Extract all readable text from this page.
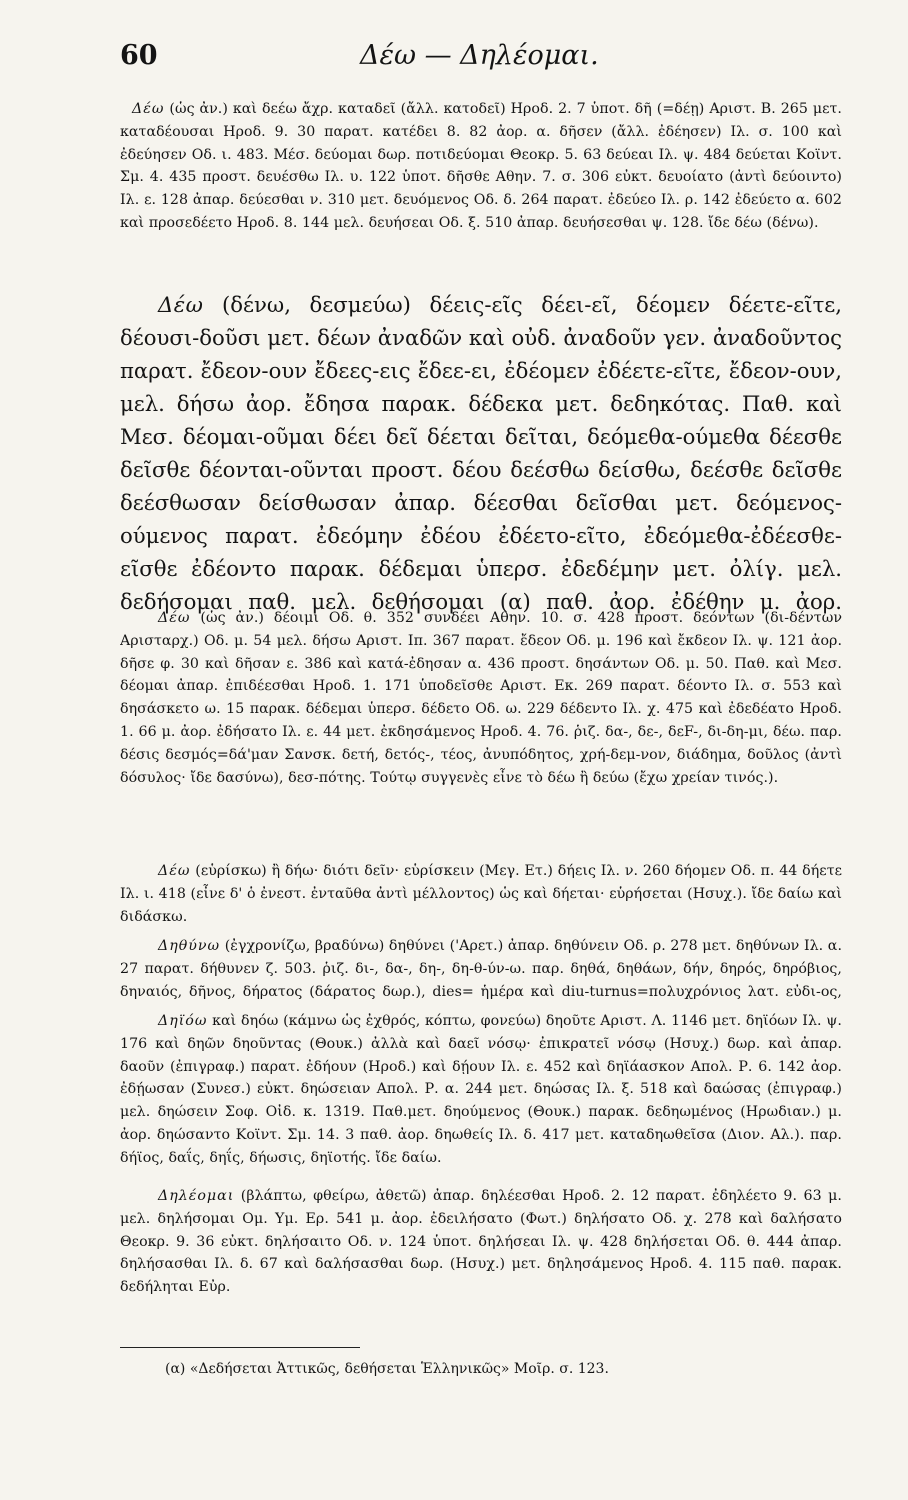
60	Δέω — Δηλέομαι.

Δέω (ὡς ἀν.) καὶ δεέω ἄχρ. καταδεῖ (ἄλλ. κατοδεῖ) Ηροδ. 2. 7 ὑποτ. δῆ (=δέῃ) Αριστ. Β. 265 μετ. καταδέουσαι Ηροδ. 9. 30 παρατ. κατέδει 8. 82 ἀορ. α. δῆσεν (ἄλλ. ἐδέησεν) Ιλ. σ. 100 καὶ ἐδεύησεν Οδ. ι. 483. Μέσ. δεύομαι δωρ. ποτιδεύομαι Θεοκρ. 5. 63 δεύεαι Ιλ. ψ. 484 δεύεται Κοϊντ. Σμ. 4. 435 προστ. δευέσθω Ιλ. υ. 122 ὑποτ. δῆσθε Αθην. 7. σ. 306 εὐκτ. δευοίατο (ἀντὶ δεύοιντο) Ιλ. ε. 128 ἀπαρ. δεύεσθαι ν. 310 μετ. δευόμενος Οδ. δ. 264 παρατ. ἐδεύεο Ιλ. ρ. 142 ἐδεύετο α. 602 καὶ προσεδέετο Ηροδ. 8. 144 μελ. δευήσεαι Οδ. ξ. 510 ἀπαρ. δευήσεσθαι ψ. 128. ἴδε δέω (δένω).

Δέω (δένω, δεσμεύω) δέεις-εῖς δέει-εῖ, δέομεν δέετε-εῖτε, δέουσι-δοῦσι μετ. δέων ἀναδῶν καὶ οὐδ. ἀναδοῦν γεν. ἀναδοῦντος παρατ. ἔδεον-ουν ἔδεες-εις ἔδεε-ει, ἐδέομεν ἐδέετε-εῖτε, ἔδεον-ουν, μελ. δήσω ἀορ. ἔδησα παρακ. δέδεκα μετ. δεδηκότας. Παθ. καὶ Μεσ. δέομαι-οῦμαι δέει δεῖ δέεται δεῖται, δεόμεθα-ούμεθα δέεσθε δεῖσθε δέονται-οῦνται προστ. δέου δεέσθω δείσθω, δεέσθε δεῖσθε δεέσθωσαν δείσθωσαν ἀπαρ. δέεσθαι δεῖσθαι μετ. δεόμενος-ούμενος παρατ. ἐδεόμην ἐδέου ἐδέετο-εῖτο, ἐδεόμεθα-ἐδέεσθε-εῖσθε ἐδέοντο παρακ. δέδεμαι ὑπερσ. ἐδεδέμην μετ. ὀλίγ. μελ. δεδήσομαι παθ. μελ. δεθήσομαι (α) παθ. ἀορ. ἐδέθην μ. ἀορ.

Δέω (ὡς ἀν.) δέοιμι Οδ. θ. 352 συνδέει Αθην. 10. σ. 428 προστ. δεόντων (δι-δέντων Αρισταρχ.) Οδ. μ. 54 μελ. δήσω Αριστ. Ιπ. 367 παρατ. ἔδεον Οδ. μ. 196 καὶ ἔκδεον Ιλ. ψ. 121 ἀορ. δῆσε φ. 30 καὶ δῆσαν ε. 386 καὶ κατά-ἐδησαν α. 436 προστ. δησάντων Οδ. μ. 50. Παθ. καὶ Μεσ. δέομαι ἀπαρ. ἐπιδέεσθαι Ηροδ. 1. 171 ὑποδεῖσθε Αριστ. Εκ. 269 παρατ. δέοντο Ιλ. σ. 553 καὶ δησάσκετο ω. 15 παρακ. δέδεμαι ὑπερσ. δέδετο Οδ. ω. 229 δέδεντο Ιλ. χ. 475 καὶ ἐδεδέατο Ηροδ. 1. 66 μ. ἀορ. ἐδήσατο Ιλ. ε. 44 μετ. ἐκδησάμενος Ηροδ. 4. 76. ῥιζ. δα-, δε-, δεF-, δι-δη-μι, δέω. παρ. δέσις δεσμός=δά'μαν Σανσκ. δετή, δετός-, τέος, ἀνυπόδητος, χρή-δεμ-νον, διάδημα, δοῦλος (ἀντὶ δόσυλος· ἴδε δασύνω), δεσ-πότης. Τούτῳ συγγενὲς εἶνε τὸ δέω ἢ δεύω (ἔχω χρείαν τινός.).

Δέω (εὑρίσκω) ἢ δήω· διότι δεῖν· εὑρίσκειν (Μεγ. Ετ.) δήεις Ιλ. ν. 260 δήομεν Οδ. π. 44 δήετε Ιλ. ι. 418 (εἶνε δ' ὁ ἐνεστ. ἐνταῦθα ἀντὶ μέλλοντος) ὡς καὶ δήεται· εὑρήσεται (Ησυχ.). ἴδε δαίω καὶ διδάσκω.

Δηθύνω (ἐγχρονίζω, βραδύνω) δηθύνει ('Αρετ.) ἀπαρ. δηθύνειν Οδ. ρ. 278 μετ. δηθύνων Ιλ. α. 27 παρατ. δήθυνεν ζ. 503. ῥιζ. δι-, δα-, δη-, δη-θ-ύν-ω. παρ. δηθά, δηθάων, δήν, δηρός, δηρόβιος, δηναιός, δῆνος, δήρατος (δάρατος δωρ.), dies= ἡμέρα καὶ diu-turnus=πολυχρόνιος λατ. εὐδι-ος,

Δηϊόω καὶ δηόω (κάμνω ὡς ἐχθρός, κόπτω, φονεύω) δηοῦτε Αριστ. Λ. 1146 μετ. δηϊόων Ιλ. ψ. 176 καὶ δηῶν δηοῦντας (Θουκ.) ἀλλὰ καὶ δαεῖ νόσῳ· ἐπικρατεῖ νόσῳ (Ησυχ.) δωρ. καὶ ἀπαρ. δαοῦν (ἐπιγραφ.) παρατ. ἐδήουν (Ηροδ.) καὶ δῄουν Ιλ. ε. 452 καὶ δηϊάασκον Απολ. Ρ. 6. 142 ἀορ. ἐδῄωσαν (Συνεσ.) εὐκτ. δηώσειαν Απολ. Ρ. α. 244 μετ. δηώσας Ιλ. ξ. 518 καὶ δαώσας (ἐπιγραφ.) μελ. δηώσειν Σοφ. Οἰδ. κ. 1319. Παθ.μετ. δηούμενος (Θουκ.) παρακ. δεδηωμένος (Ηρωδιαν.) μ. ἀορ. δηώσαντο Κοϊντ. Σμ. 14. 3 παθ. ἀορ. δηωθείς Ιλ. δ. 417 μετ. καταδηωθεῖσα (Διον. Αλ.). παρ. δήϊος, δαΐς, δηΐς, δήωσις, δηϊοτής. ἴδε δαίω.

Δηλέομαι (βλάπτω, φθείρω, ἀθετῶ) ἀπαρ. δηλέεσθαι Ηροδ. 2. 12 παρατ. ἐδηλέετο 9. 63 μ. μελ. δηλήσομαι Ομ. Υμ. Ερ. 541 μ. ἀορ. ἐδειλήσατο (Φωτ.) δηλήσατο Οδ. χ. 278 καὶ δαλήσατο Θεοκρ. 9. 36 εὐκτ. δηλήσαιτο Οδ. ν. 124 ὑποτ. δηλήσεαι Ιλ. ψ. 428 δηλήσεται Οδ. θ. 444 ἀπαρ. δηλήσασθαι Ιλ. δ. 67 καὶ δαλήσασθαι δωρ. (Ησυχ.) μετ. δηλησάμενος Ηροδ. 4. 115 παθ. παρακ. δεδήληται Εὐρ.

(α) «Δεδήσεται Ἀττικῶς, δεθήσεται Ἑλληνικῶς» Μοῖρ. σ. 123.
